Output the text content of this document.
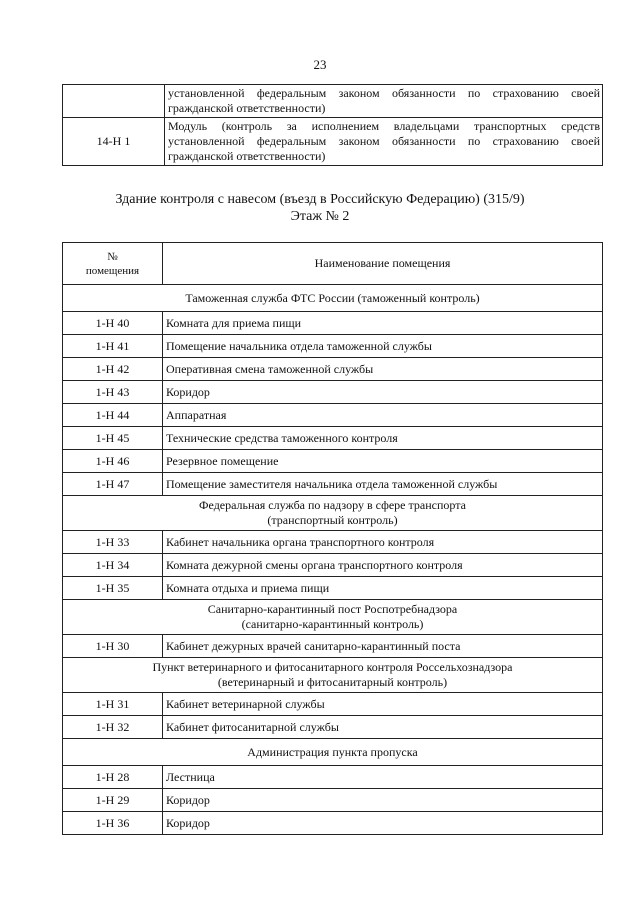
23
	установленной федеральным законом обязанности по страхованию своей гражданской ответственности)
14-Н 1	Модуль (контроль за исполнением владельцами транспортных средств установленной федеральным законом обязанности по страхованию своей гражданской ответственности)
Здание контроля с навесом (въезд в Российскую Федерацию) (315/9)
Этаж № 2
№
помещения	Наименование помещения

Таможенная служба ФТС России (таможенный контроль)	

1-Н 40	Комната для приема пищи
1-Н 41	Помещение начальника отдела таможенной службы
1-Н 42	Оперативная смена таможенной службы
1-Н 43	Коридор
1-Н 44	Аппаратная
1-Н 45	Технические средства таможенного контроля
1-Н 46	Резервное помещение
1-Н 47	Помещение заместителя начальника отдела таможенной службы

Федеральная служба по надзору в сфере транспорта
(транспортный контроль)	

1-Н 33	Кабинет начальника органа транспортного контроля
1-Н 34	Комната дежурной смены органа транспортного контроля
1-Н 35	Комната отдыха и приема пищи

Санитарно-карантинный пост Роспотребнадзора
(санитарно-карантинный контроль)	

1-Н 30	Кабинет дежурных врачей санитарно-карантинный поста

Пункт ветеринарного и фитосанитарного контроля Россельхознадзора
(ветеринарный и фитосанитарный контроль)	

1-Н 31	Кабинет ветеринарной службы
1-Н 32	Кабинет фитосанитарной службы

Администрация пункта пропуска	

1-Н 28	Лестница
1-Н 29	Коридор
1-Н 36	Коридор
